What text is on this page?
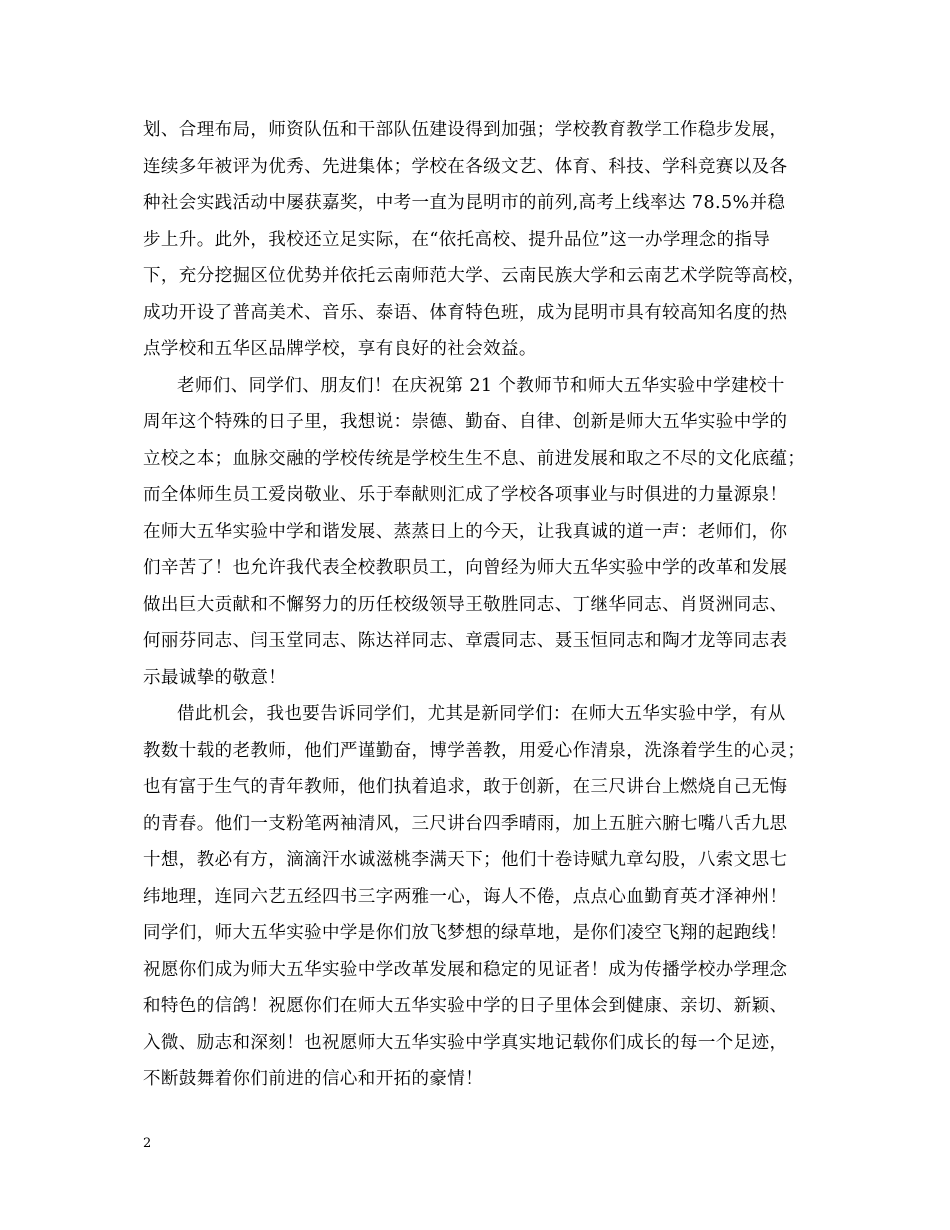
划、合理布局，师资队伍和干部队伍建设得到加强；学校教育教学工作稳步发展，
连续多年被评为优秀、先进集体；学校在各级文艺、体育、科技、学科竞赛以及各
种社会实践活动中屡获嘉奖，中考一直为昆明市的前列,高考上线率达 78.5%并稳
步上升。此外，我校还立足实际，在“依托高校、提升品位”这一办学理念的指导
下，充分挖掘区位优势并依托云南师范大学、云南民族大学和云南艺术学院等高校，
成功开设了普高美术、音乐、泰语、体育特色班，成为昆明市具有较高知名度的热
点学校和五华区品牌学校，享有良好的社会效益。
老师们、同学们、朋友们！在庆祝第 21 个教师节和师大五华实验中学建校十
周年这个特殊的日子里，我想说：崇德、勤奋、自律、创新是师大五华实验中学的
立校之本；血脉交融的学校传统是学校生生不息、前进发展和取之不尽的文化底蕴；
而全体师生员工爱岗敬业、乐于奉献则汇成了学校各项事业与时俱进的力量源泉！
在师大五华实验中学和谐发展、蒸蒸日上的今天，让我真诚的道一声：老师们，你
们辛苦了！也允许我代表全校教职员工，向曾经为师大五华实验中学的改革和发展
做出巨大贡献和不懈努力的历任校级领导王敬胜同志、丁继华同志、肖贤洲同志、
何丽芬同志、闫玉堂同志、陈达祥同志、章震同志、聂玉恒同志和陶才龙等同志表
示最诚挚的敬意！
借此机会，我也要告诉同学们，尤其是新同学们：在师大五华实验中学，有从
教数十载的老教师，他们严谨勤奋，博学善教，用爱心作清泉，洗涤着学生的心灵；
也有富于生气的青年教师，他们执着追求，敢于创新，在三尺讲台上燃烧自己无悔
的青春。他们一支粉笔两袖清风，三尺讲台四季晴雨，加上五脏六腑七嘴八舌九思
十想，教必有方，滴滴汗水诚滋桃李满天下；他们十卷诗赋九章勾股，八索文思七
纬地理，连同六艺五经四书三字两雅一心，诲人不倦，点点心血勤育英才泽神州！
同学们，师大五华实验中学是你们放飞梦想的绿草地，是你们凌空飞翔的起跑线！
祝愿你们成为师大五华实验中学改革发展和稳定的见证者！成为传播学校办学理念
和特色的信鸽！祝愿你们在师大五华实验中学的日子里体会到健康、亲切、新颖、
入微、励志和深刻！也祝愿师大五华实验中学真实地记载你们成长的每一个足迹，
不断鼓舞着你们前进的信心和开拓的豪情！
2
